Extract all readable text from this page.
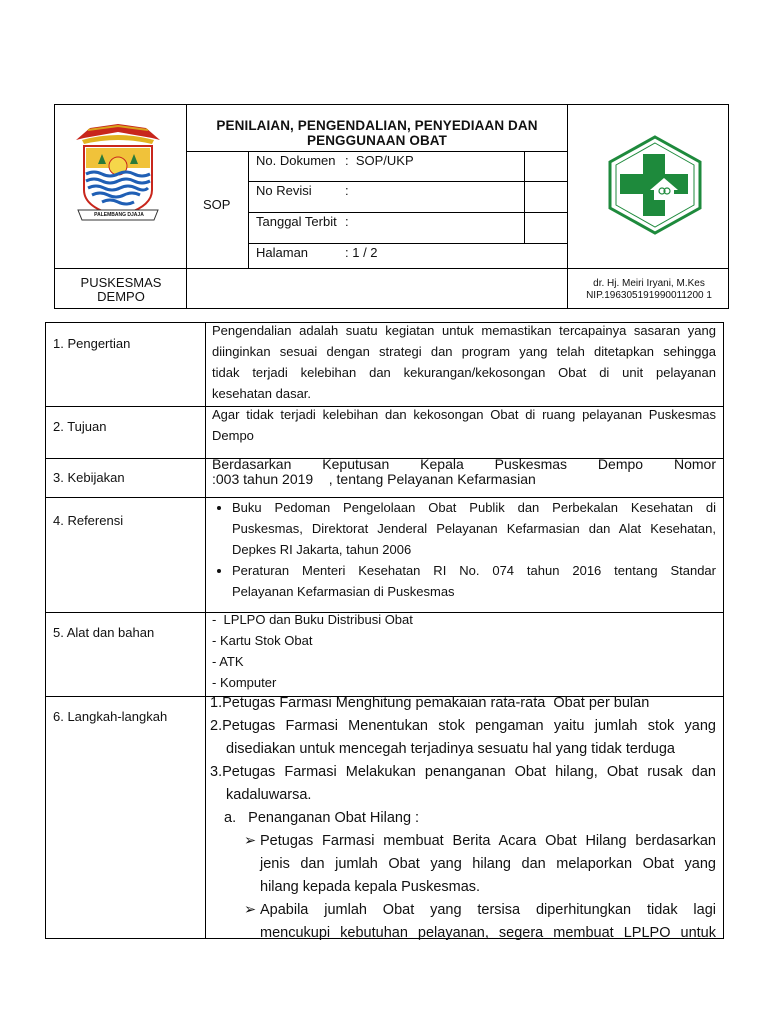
PALEMBANG DJAJA
PENILAIAN, PENGENDALIAN, PENYEDIAAN DAN
PENGGUNAAN OBAT
SOP
No. Dokumen :  SOP/UKP
No Revisi	:
Tanggal Terbit :
Halaman	: 1 / 2
PUSKESMAS
DEMPO
dr. Hj. Meiri Iryani, M.Kes
NIP.196305191990011200 1
1. Pengertian
Pengendalian adalah suatu kegiatan untuk memastikan tercapainya sasaran yang
diinginkan sesuai dengan strategi dan program yang telah ditetapkan sehingga
tidak terjadi kelebihan dan kekurangan/kekosongan Obat di unit pelayanan
kesehatan dasar.
2. Tujuan
Agar tidak terjadi kelebihan dan kekosongan Obat di ruang pelayanan Puskesmas
Dempo
3. Kebijakan
Berdasarkan Keputusan Kepala Puskesmas Dempo Nomor
:003 tahun 2019    , tentang Pelayanan Kefarmasian
4. Referensi
• Buku Pedoman Pengelolaan Obat Publik dan Perbekalan Kesehatan di
Puskesmas, Direktorat Jenderal Pelayanan Kefarmasian dan Alat Kesehatan,
Depkes RI Jakarta, tahun 2006
• Peraturan Menteri Kesehatan RI No. 074 tahun 2016 tentang Standar
Pelayanan Kefarmasian di Puskesmas
5. Alat dan bahan
-  LPLPO dan Buku Distribusi Obat
- Kartu Stok Obat
- ATK
- Komputer
6. Langkah-langkah
1.Petugas Farmasi Menghitung pemakaian rata-rata  Obat per bulan
2.Petugas Farmasi Menentukan stok pengaman yaitu jumlah stok yang
disediakan untuk mencegah terjadinya sesuatu hal yang tidak terduga
3.Petugas Farmasi Melakukan penanganan Obat hilang, Obat rusak dan
kadaluwarsa.
a.   Penanganan Obat Hilang :
➢ Petugas Farmasi membuat Berita Acara Obat Hilang berdasarkan
jenis dan jumlah Obat yang hilang dan melaporkan Obat yang
hilang kepada kepala Puskesmas.
➢ Apabila jumlah Obat yang tersisa diperhitungkan tidak lagi
mencukupi kebutuhan pelayanan, segera membuat LPLPO untuk
